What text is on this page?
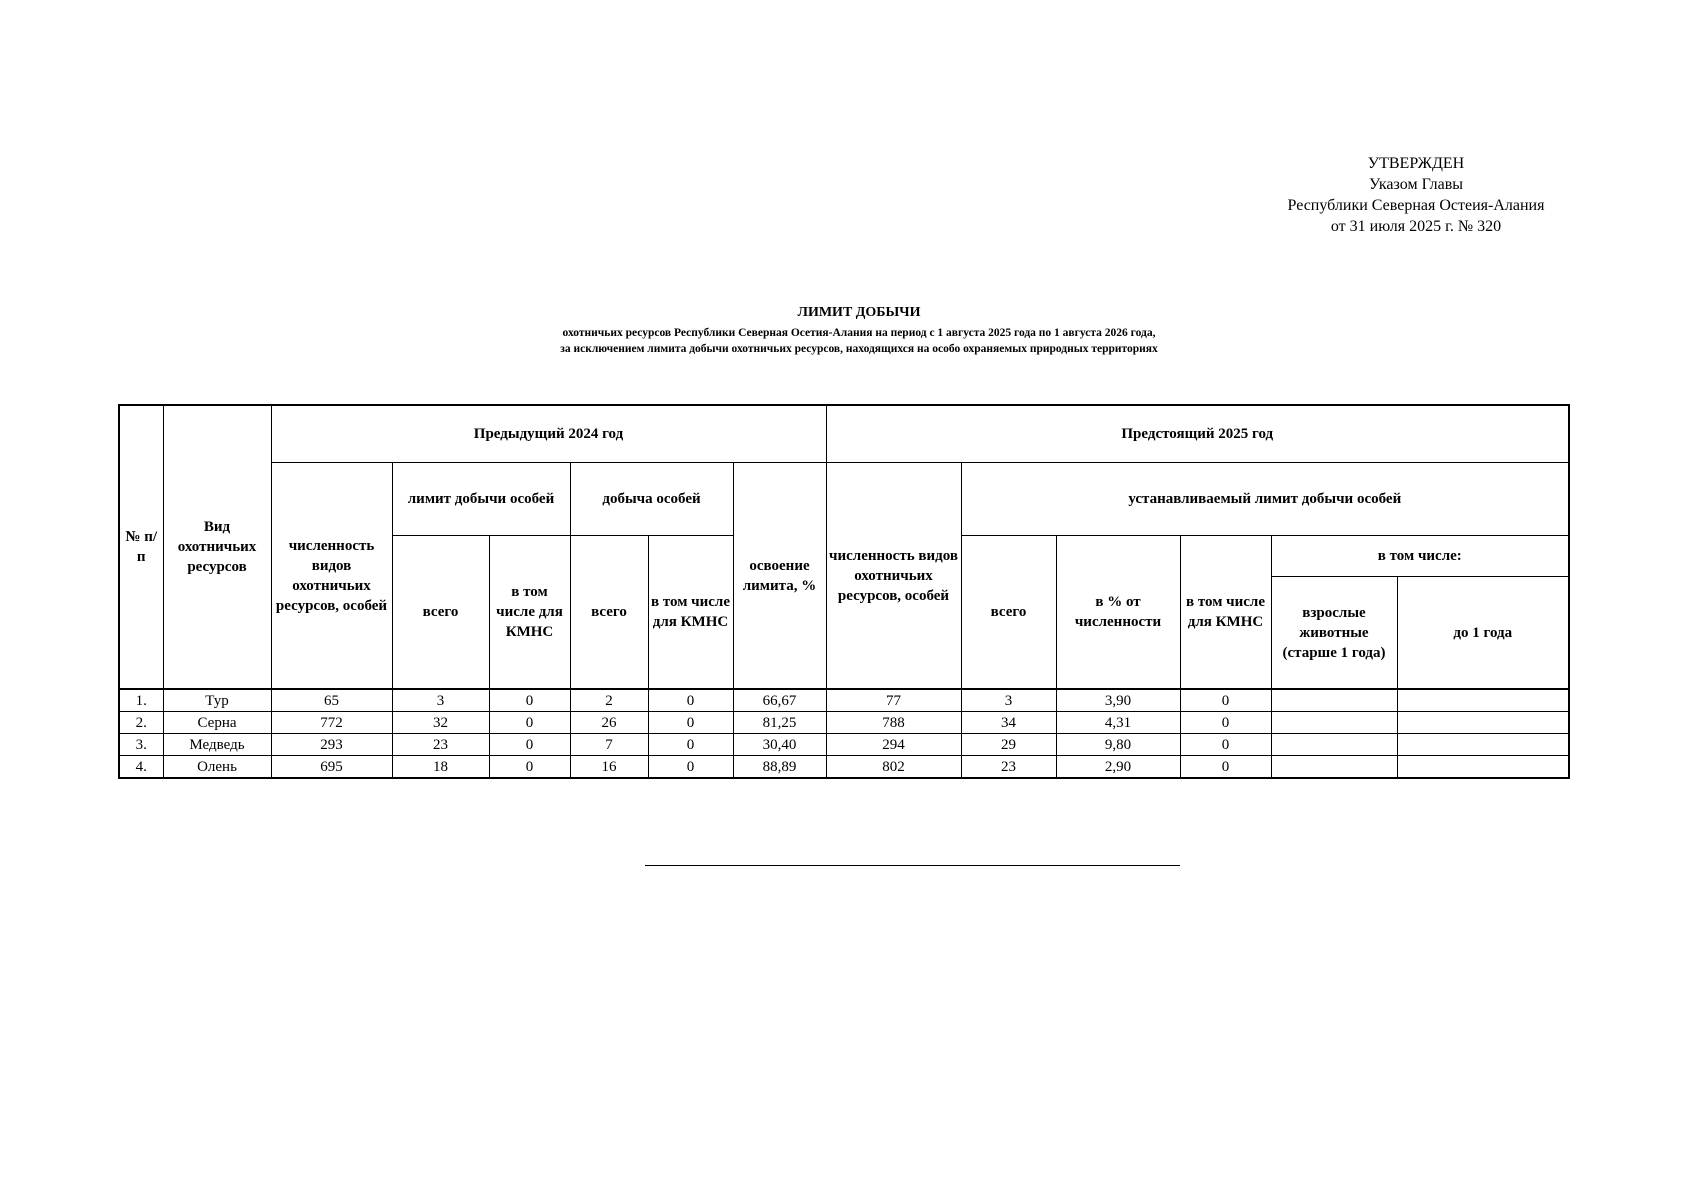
УТВЕРЖДЕН
Указом Главы
Республики Северная Остеия-Алания
от 31 июля 2025 г. № 320
ЛИМИТ ДОБЫЧИ
охотничьих ресурсов Республики Северная Осетия-Алания на период с 1 августа 2025 года по 1 августа 2026 года,
за исключением лимита добычи охотничьих ресурсов, находящихся на особо охраняемых природных территориях
№ п/п	Вид охотничьих ресурсов	Предыдущий 2024 год						Предстоящий 2025 год					
		численность видов охотничьих ресурсов, особей	лимит добычи особей		добыча особей		освоение лимита, %	численность видов охотничьих ресурсов, особей	устанавливаемый лимит добычи особей				
			всего	в том числе для КМНС	всего	в том числе для КМНС			всего	в % от численности	в том числе для КМНС	в том числе:	
												взрослые животные (старше 1 года)	до 1 года
1.	Тур	65	3	0	2	0	66,67	77	3	3,90	0		
2.	Серна	772	32	0	26	0	81,25	788	34	4,31	0		
3.	Медведь	293	23	0	7	0	30,40	294	29	9,80	0		
4.	Олень	695	18	0	16	0	88,89	802	23	2,90	0		
